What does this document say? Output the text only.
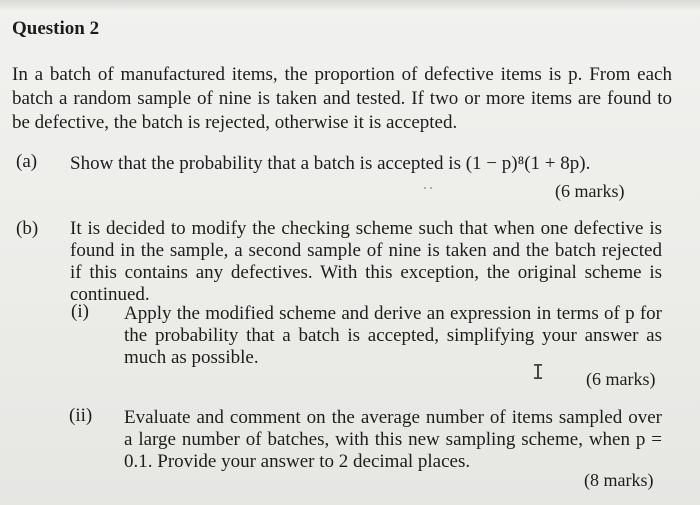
Question 2
In a batch of manufactured items, the proportion of defective items is p. From each batch a random sample of nine is taken and tested. If two or more items are found to be defective, the batch is rejected, otherwise it is accepted.
(a) Show that the probability that a batch is accepted is (1 − p)⁸(1 + 8p).
(6 marks)
(b) It is decided to modify the checking scheme such that when one defective is found in the sample, a second sample of nine is taken and the batch rejected if this contains any defectives. With this exception, the original scheme is continued.
(i) Apply the modified scheme and derive an expression in terms of p for the probability that a batch is accepted, simplifying your answer as much as possible.
I (6 marks)
(ii) Evaluate and comment on the average number of items sampled over a large number of batches, with this new sampling scheme, when p = 0.1. Provide your answer to 2 decimal places.
(8 marks)
